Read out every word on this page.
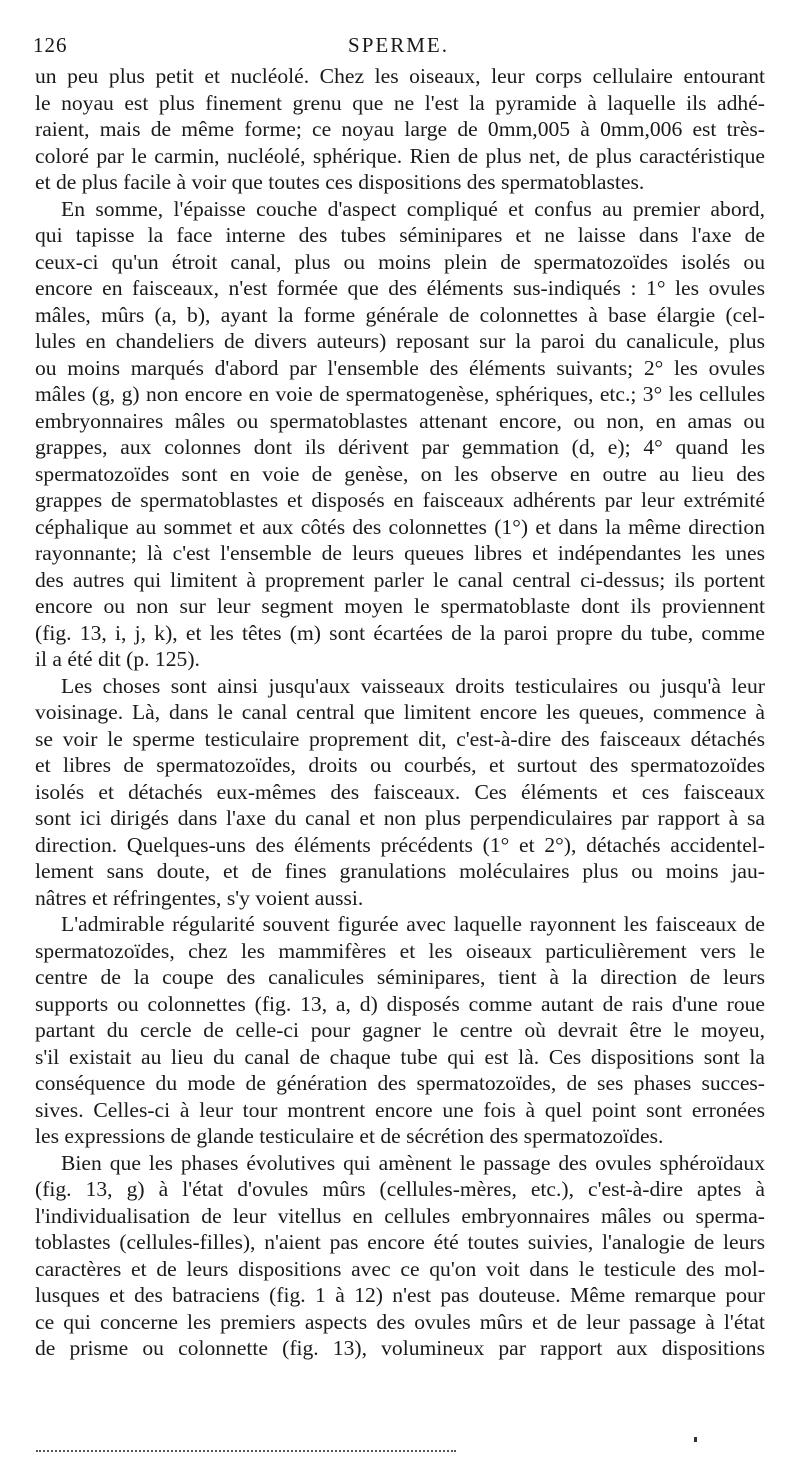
126	SPERME.
un peu plus petit et nucléolé. Chez les oiseaux, leur corps cellulaire entourant
le noyau est plus finement grenu que ne l'est la pyramide à laquelle ils adhé-
raient, mais de même forme; ce noyau large de 0mm,005 à 0mm,006 est très-
coloré par le carmin, nucléolé, sphérique. Rien de plus net, de plus caractéristique
et de plus facile à voir que toutes ces dispositions des spermatoblastes.
En somme, l'épaisse couche d'aspect compliqué et confus au premier abord,
qui tapisse la face interne des tubes séminipares et ne laisse dans l'axe de
ceux-ci qu'un étroit canal, plus ou moins plein de spermatozoïdes isolés ou
encore en faisceaux, n'est formée que des éléments sus-indiqués : 1° les ovules
mâles, mûrs (a, b), ayant la forme générale de colonnettes à base élargie (cel-
lules en chandeliers de divers auteurs) reposant sur la paroi du canalicule, plus
ou moins marqués d'abord par l'ensemble des éléments suivants; 2° les ovules
mâles (g, g) non encore en voie de spermatogenèse, sphériques, etc.; 3° les cellules
embryonnaires mâles ou spermatoblastes attenant encore, ou non, en amas ou
grappes, aux colonnes dont ils dérivent par gemmation (d, e); 4° quand les
spermatozoïdes sont en voie de genèse, on les observe en outre au lieu des
grappes de spermatoblastes et disposés en faisceaux adhérents par leur extrémité
céphalique au sommet et aux côtés des colonnettes (1°) et dans la même direction
rayonnante; là c'est l'ensemble de leurs queues libres et indépendantes les unes
des autres qui limitent à proprement parler le canal central ci-dessus; ils portent
encore ou non sur leur segment moyen le spermatoblaste dont ils proviennent
(fig. 13, i, j, k), et les têtes (m) sont écartées de la paroi propre du tube, comme
il a été dit (p. 125).
Les choses sont ainsi jusqu'aux vaisseaux droits testiculaires ou jusqu'à leur
voisinage. Là, dans le canal central que limitent encore les queues, commence à
se voir le sperme testiculaire proprement dit, c'est-à-dire des faisceaux détachés
et libres de spermatozoïdes, droits ou courbés, et surtout des spermatozoïdes
isolés et détachés eux-mêmes des faisceaux. Ces éléments et ces faisceaux
sont ici dirigés dans l'axe du canal et non plus perpendiculaires par rapport à sa
direction. Quelques-uns des éléments précédents (1° et 2°), détachés accidentel-
lement sans doute, et de fines granulations moléculaires plus ou moins jau-
nâtres et réfringentes, s'y voient aussi.
L'admirable régularité souvent figurée avec laquelle rayonnent les faisceaux de
spermatozoïdes, chez les mammifères et les oiseaux particulièrement vers le
centre de la coupe des canalicules séminipares, tient à la direction de leurs
supports ou colonnettes (fig. 13, a, d) disposés comme autant de rais d'une roue
partant du cercle de celle-ci pour gagner le centre où devrait être le moyeu,
s'il existait au lieu du canal de chaque tube qui est là. Ces dispositions sont la
conséquence du mode de génération des spermatozoïdes, de ses phases succes-
sives. Celles-ci à leur tour montrent encore une fois à quel point sont erronées
les expressions de glande testiculaire et de sécrétion des spermatozoïdes.
Bien que les phases évolutives qui amènent le passage des ovules sphéroïdaux
(fig. 13, g) à l'état d'ovules mûrs (cellules-mères, etc.), c'est-à-dire aptes à
l'individualisation de leur vitellus en cellules embryonnaires mâles ou sperma-
toblastes (cellules-filles), n'aient pas encore été toutes suivies, l'analogie de leurs
caractères et de leurs dispositions avec ce qu'on voit dans le testicule des mol-
lusques et des batraciens (fig. 1 à 12) n'est pas douteuse. Même remarque pour
ce qui concerne les premiers aspects des ovules mûrs et de leur passage à l'état
de prisme ou colonnette (fig. 13), volumineux par rapport aux dispositions
